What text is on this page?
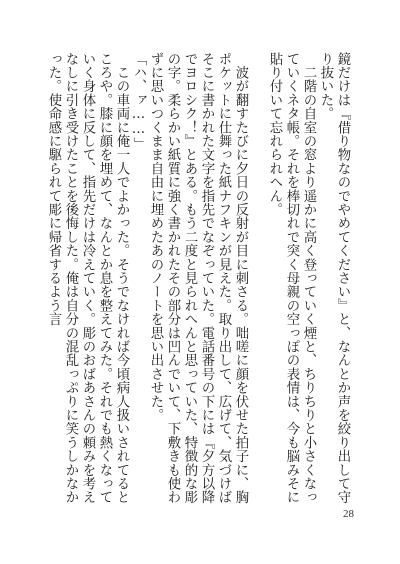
鏡だけは『借り物なのでやめてください』と、なんとか声を絞り出して守り抜いた。

　二階の自室の窓より遥かに高く登っていく煙と、ちりちりと小さくなっていくネタ帳。それを棒切れで突く母親の空っぽの表情は、今も脳みそに貼り付いて忘れられへん。

　波が翻すたびに夕日の反射が目に刺さる。咄嗟に顔を伏せた拍子に、胸ポケットに仕舞った紙ナフキンが見えた。取り出して、広げて、気づけばそこに書かれた文字を指先でなぞっていた。電話番号の下には『夕方以降でヨロシク！』とある。もう二度と見られへんと思っていた、特徴的な彫の字。柔らかい紙質に強く書かれたその部分は凹んでいて、下敷きも使わずに思いつくまま自由に埋めたあのノートを思い出させた。

「ハ、ァ……」

　この車両に俺一人でよかった。そうでなければ今頃病人扱いされてるところや。膝に顔を埋めて、なんとか息を整えてみた。それでも熱くなっていく身体に反して、指先だけは冷えていく。彫のおばあさんの頼みを考えなしに引き受けたことを後悔した。俺は自分の混乱っぷりに笑うしかなかった。使命感に駆られて彫に帰省するよう言

28
